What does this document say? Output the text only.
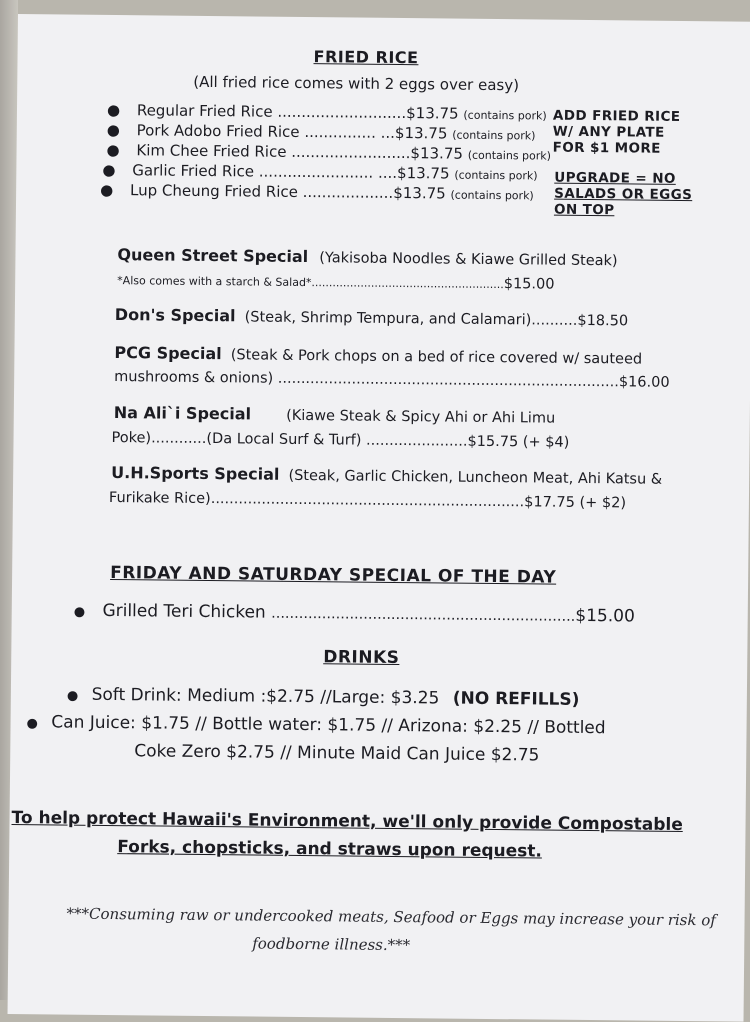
FRIED RICE
(All fried rice comes with 2 eggs over easy)
● Regular Fried Rice ...........................$13.75 (contains pork)
● Pork Adobo Fried Rice ............... ...$13.75 (contains pork)
● Kim Chee Fried Rice .........................$13.75 (contains pork)
● Garlic Fried Rice ........................ ....$13.75 (contains pork)
● Lup Cheung Fried Rice ...................$13.75 (contains pork)
ADD FRIED RICE
W/ ANY PLATE
FOR $1 MORE
UPGRADE = NO
SALADS OR EGGS
ON TOP
Queen Street Special (Yakisoba Noodles & Kiawe Grilled Steak)
*Also comes with a starch & Salad*.......................................................$15.00
Don's Special (Steak, Shrimp Tempura, and Calamari)..........$18.50
PCG Special (Steak & Pork chops on a bed of rice covered w/ sauteed
mushrooms & onions) ..........................................................................$16.00
Na Ali`i Special (Kiawe Steak & Spicy Ahi or Ahi Limu
Poke)............(Da Local Surf & Turf) ......................$15.75 (+ $4)
U.H.Sports Special (Steak, Garlic Chicken, Luncheon Meat, Ahi Katsu &
Furikake Rice)....................................................................$17.75 (+ $2)
FRIDAY AND SATURDAY SPECIAL OF THE DAY
● Grilled Teri Chicken ..................................................................$15.00
DRINKS
● Soft Drink: Medium :$2.75 //Large: $3.25 (NO REFILLS)
● Can Juice: $1.75 // Bottle water: $1.75 // Arizona: $2.25 // Bottled
Coke Zero $2.75 // Minute Maid Can Juice $2.75
To help protect Hawaii's Environment, we'll only provide Compostable
Forks, chopsticks, and straws upon request.
***Consuming raw or undercooked meats, Seafood or Eggs may increase your risk of
foodborne illness.***
